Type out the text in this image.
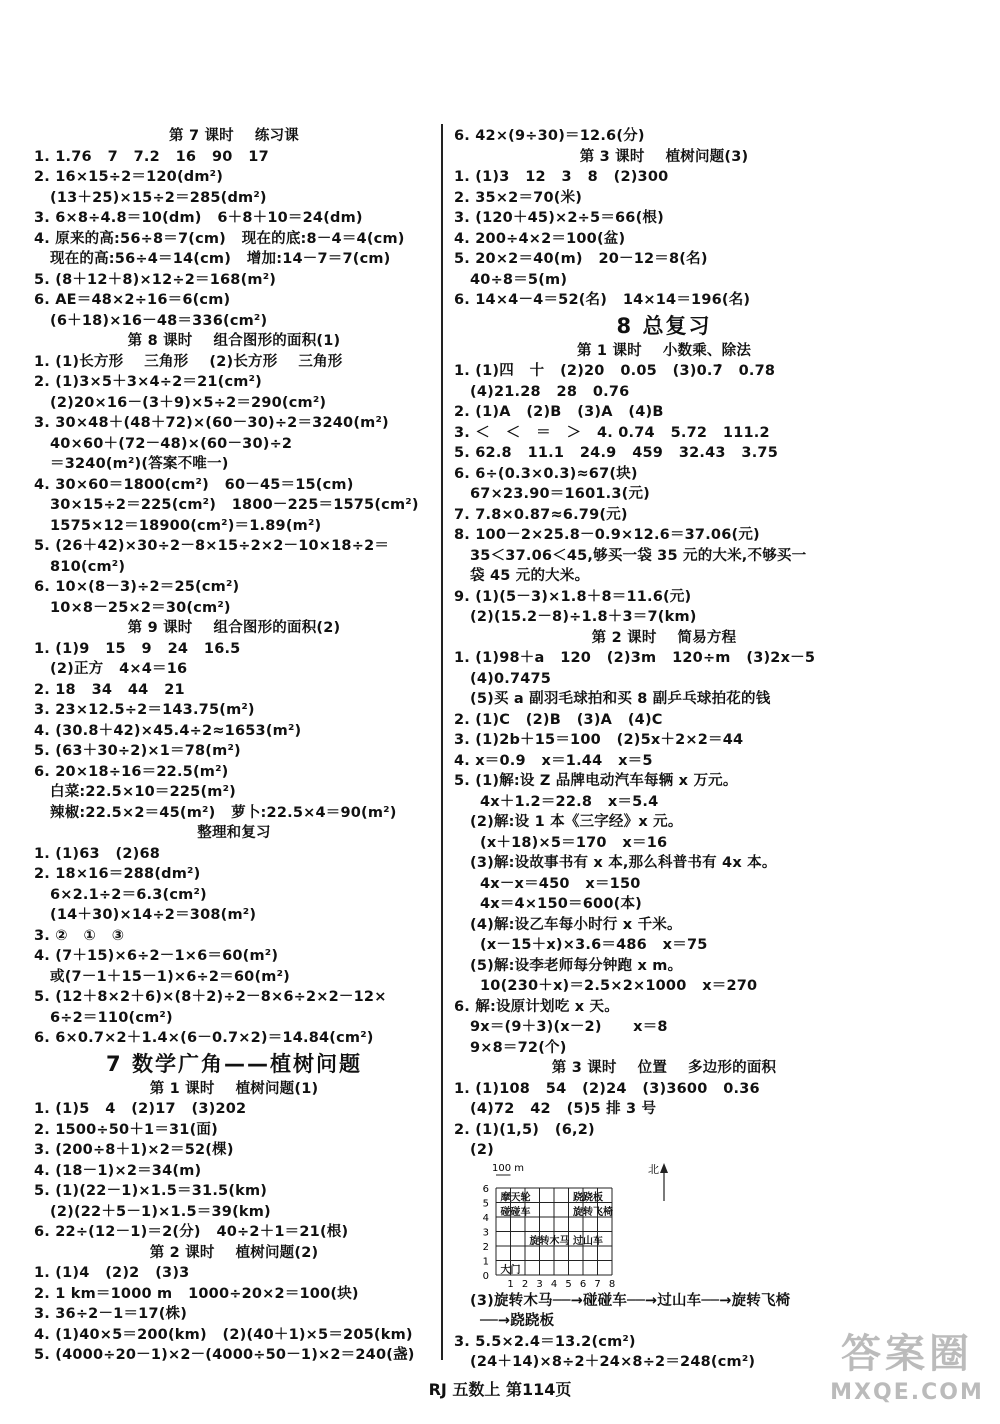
第 7 课时    练习课
1. 1.76   7   7.2   16   90   17
2. 16×15÷2＝120(dm²)
(13＋25)×15÷2＝285(dm²)
3. 6×8÷4.8＝10(dm)   6＋8＋10＝24(dm)
4. 原来的高:56÷8＝7(cm)   现在的底:8－4＝4(cm)
现在的高:56÷4＝14(cm)   增加:14－7＝7(cm)
5. (8＋12＋8)×12÷2＝168(m²)
6. AE＝48×2÷16＝6(cm)
(6＋18)×16－48＝336(cm²)
第 8 课时    组合图形的面积(1)
1. (1)长方形    三角形    (2)长方形    三角形
2. (1)3×5＋3×4÷2＝21(cm²)
(2)20×16－(3＋9)×5÷2＝290(cm²)
3. 30×48＋(48＋72)×(60－30)÷2＝3240(m²)
40×60＋(72－48)×(60－30)÷2
＝3240(m²)(答案不唯一)
4. 30×60＝1800(cm²)   60－45＝15(cm)
30×15÷2＝225(cm²)   1800－225＝1575(cm²)
1575×12＝18900(cm²)＝1.89(m²)
5. (26＋42)×30÷2－8×15÷2×2－10×18÷2＝
810(cm²)
6. 10×(8－3)÷2＝25(cm²)
10×8－25×2＝30(cm²)
第 9 课时    组合图形的面积(2)
1. (1)9   15   9   24   16.5
(2)正方   4×4＝16
2. 18   34   44   21
3. 23×12.5÷2＝143.75(m²)
4. (30.8＋42)×45.4÷2≈1653(m²)
5. (63＋30÷2)×1＝78(m²)
6. 20×18÷16＝22.5(m²)
白菜:22.5×10＝225(m²)
辣椒:22.5×2＝45(m²)   萝卜:22.5×4＝90(m²)
整理和复习
1. (1)63   (2)68
2. 18×16＝288(dm²)
6×2.1÷2＝6.3(cm²)
(14＋30)×14÷2＝308(m²)
3. ②   ①   ③
4. (7＋15)×6÷2－1×6＝60(m²)
或(7－1＋15－1)×6÷2＝60(m²)
5. (12＋8×2＋6)×(8＋2)÷2－8×6÷2×2－12×
6÷2＝110(cm²)
6. 6×0.7×2＋1.4×(6－0.7×2)＝14.84(cm²)
7 数学广角——植树问题
第 1 课时    植树问题(1)
1. (1)5   4   (2)17   (3)202
2. 1500÷50＋1＝31(面)
3. (200÷8＋1)×2＝52(棵)
4. (18－1)×2＝34(m)
5. (1)(22－1)×1.5＝31.5(km)
(2)(22＋5－1)×1.5＝39(km)
6. 22÷(12－1)＝2(分)   40÷2＋1＝21(根)
第 2 课时    植树问题(2)
1. (1)4   (2)2   (3)3
2. 1 km＝1000 m   1000÷20×2＝100(块)
3. 36÷2－1＝17(株)
4. (1)40×5＝200(km)   (2)(40＋1)×5＝205(km)
5. (4000÷20－1)×2－(4000÷50－1)×2＝240(盏)
6. 42×(9÷30)＝12.6(分)
第 3 课时    植树问题(3)
1. (1)3   12   3   8   (2)300
2. 35×2＝70(米)
3. (120＋45)×2÷5＝66(根)
4. 200÷4×2＝100(盆)
5. 20×2＝40(m)   20－12＝8(名)
40÷8＝5(m)
6. 14×4－4＝52(名)   14×14＝196(名)
8 总复习
第 1 课时    小数乘、除法
1. (1)四   十   (2)20   0.05   (3)0.7̇   0.78
(4)21.28   28   0.76
2. (1)A   (2)B   (3)A   (4)B
3. ＜   ＜   ＝   ＞   4. 0.74   5.72   111.2
5. 62.8   11.1   24.9   459   32.43   3.75
6. 6÷(0.3×0.3)≈67(块)
67×23.90＝1601.3(元)
7. 7.8×0.87≈6.79(元)
8. 100－2×25.8－0.9×12.6＝37.06(元)
35＜37.06＜45,够买一袋 35 元的大米,不够买一
袋 45 元的大米。
9. (1)(5－3)×1.8＋8＝11.6(元)
(2)(15.2－8)÷1.8＋3＝7(km)
第 2 课时    简易方程
1. (1)98＋a   120   (2)3m   120÷m   (3)2x－5
(4)0.7475
(5)买 a 副羽毛球拍和买 8 副乒乓球拍花的钱
2. (1)C   (2)B   (3)A   (4)C
3. (1)2b＋15＝100   (2)5x＋2×2＝44
4. x＝0.9   x＝1.44   x＝5
5. (1)解:设 Z 品牌电动汽车每辆 x 万元。
4x＋1.2＝22.8   x＝5.4
(2)解:设 1 本《三字经》x 元。
(x＋18)×5＝170   x＝16
(3)解:设故事书有 x 本,那么科普书有 4x 本。
4x－x＝450   x＝150
4x＝4×150＝600(本)
(4)解:设乙车每小时行 x 千米。
(x－15＋x)×3.6＝486   x＝75
(5)解:设李老师每分钟跑 x m。
10(230＋x)＝2.5×2×1000   x＝270
6. 解:设原计划吃 x 天。
9x＝(9＋3)(x－2)      x＝8
9×8＝72(个)
第 3 课时    位置    多边形的面积
1. (1)108   54   (2)24   (3)3600   0.36
(4)72   42   (5)5 排 3 号
2. (1)(1,5)   (6,2)
(2)
0
1
2
3
4
5
6
1 2 3 4 5 6 7 8
100 m	北
摩天轮	跷跷板
碰碰车	旋转飞椅
旋转木马 过山车
大门
(3)旋转木马──→碰碰车──→过山车──→旋转飞椅
──→跷跷板
3. 5.5×2.4＝13.2(cm²)
(24＋14)×8÷2＋24×8÷2＝248(cm²)
RJ 五数上 第114页
答案圈
MXQE.COM
